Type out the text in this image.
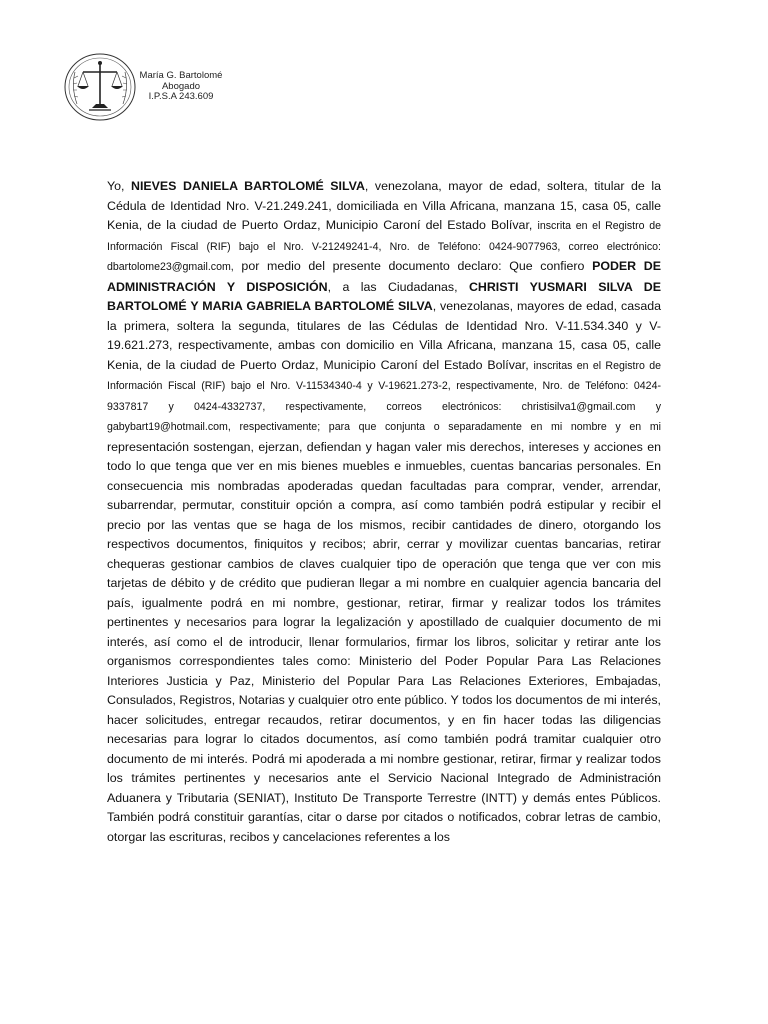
María G. Bartolomé
Abogado
I.P.S.A 243.609

Yo, NIEVES DANIELA BARTOLOMÉ SILVA, venezolana, mayor de edad, soltera, titular de la Cédula de Identidad Nro. V-21.249.241, domiciliada en Villa Africana, manzana 15, casa 05, calle Kenia, de la ciudad de Puerto Ordaz, Municipio Caroní del Estado Bolívar, inscrita en el Registro de Información Fiscal (RIF) bajo el Nro. V-21249241-4, Nro. de Teléfono: 0424-9077963, correo electrónico: dbartolome23@gmail.com, por medio del presente documento declaro: Que confiero PODER DE ADMINISTRACIÓN Y DISPOSICIÓN, a las Ciudadanas, CHRISTI YUSMARI SILVA DE BARTOLOMÉ Y MARIA GABRIELA BARTOLOMÉ SILVA, venezolanas, mayores de edad, casada la primera, soltera la segunda, titulares de las Cédulas de Identidad Nro. V-11.534.340 y V-19.621.273, respectivamente, ambas con domicilio en Villa Africana, manzana 15, casa 05, calle Kenia, de la ciudad de Puerto Ordaz, Municipio Caroní del Estado Bolívar, inscritas en el Registro de Información Fiscal (RIF) bajo el Nro. V-11534340-4 y V-19621.273-2, respectivamente, Nro. de Teléfono: 0424-9337817 y 0424-4332737, respectivamente, correos electrónicos: christisilva1@gmail.com y gabybart19@hotmail.com, respectivamente; para que conjunta o separadamente en mi nombre y en mi representación sostengan, ejerzan, defiendan y hagan valer mis derechos, intereses y acciones en todo lo que tenga que ver en mis bienes muebles e inmuebles, cuentas bancarias personales. En consecuencia mis nombradas apoderadas quedan facultadas para comprar, vender, arrendar, subarrendar, permutar, constituir opción a compra, así como también podrá estipular y recibir el precio por las ventas que se haga de los mismos, recibir cantidades de dinero, otorgando los respectivos documentos, finiquitos y recibos; abrir, cerrar y movilizar cuentas bancarias, retirar chequeras gestionar cambios de claves cualquier tipo de operación que tenga que ver con mis tarjetas de débito y de crédito que pudieran llegar a mi nombre en cualquier agencia bancaria del país, igualmente podrá en mi nombre, gestionar, retirar, firmar y realizar todos los trámites pertinentes y necesarios para lograr la legalización y apostillado de cualquier documento de mi interés, así como el de introducir, llenar formularios, firmar los libros, solicitar y retirar ante los organismos correspondientes tales como: Ministerio del Poder Popular Para Las Relaciones Interiores Justicia y Paz, Ministerio del Popular Para Las Relaciones Exteriores, Embajadas, Consulados, Registros, Notarias y cualquier otro ente público. Y todos los documentos de mi interés, hacer solicitudes, entregar recaudos, retirar documentos, y en fin hacer todas las diligencias necesarias para lograr lo citados documentos, así como también podrá tramitar cualquier otro documento de mi interés. Podrá mi apoderada a mi nombre gestionar, retirar, firmar y realizar todos los trámites pertinentes y necesarios ante el Servicio Nacional Integrado de Administración Aduanera y Tributaria (SENIAT), Instituto De Transporte Terrestre (INTT) y demás entes Públicos. También podrá constituir garantías, citar o darse por citados o notificados, cobrar letras de cambio, otorgar las escrituras, recibos y cancelaciones referentes a los
